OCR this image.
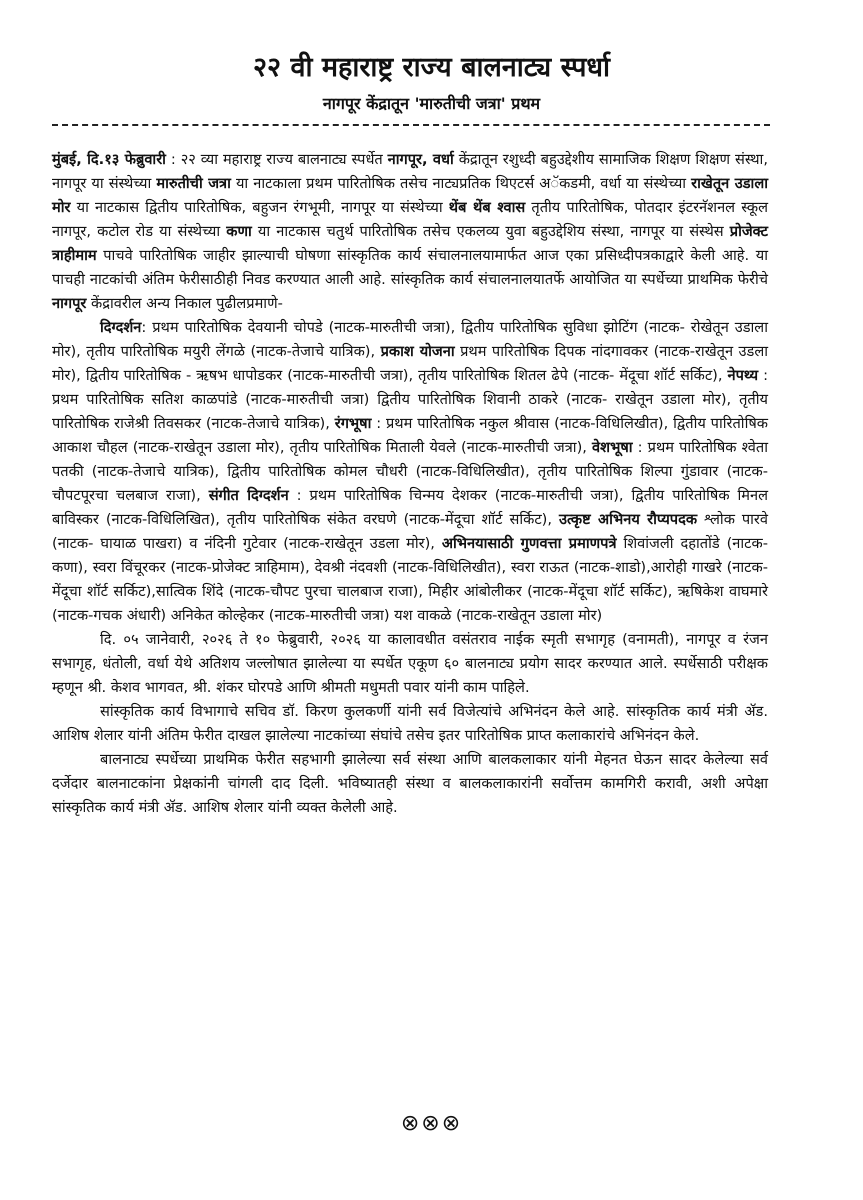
२२ वी महाराष्ट्र राज्य बालनाट्य स्पर्धा
नागपूर केंद्रातून 'मारुतीची जत्रा' प्रथम

मुंबई, दि.१३ फेब्रुवारी : २२ व्या महाराष्ट्र राज्य बालनाट्य स्पर्धेत नागपूर, वर्धा केंद्रातून रशुध्दी बहुउद्देशीय सामाजिक शिक्षण शिक्षण संस्था, नागपूर या संस्थेच्या मारुतीची जत्रा या नाटकाला प्रथम पारितोषिक तसेच नाट्यप्रतिक थिएटर्स अॅकडमी, वर्धा या संस्थेच्या राखेतून उडाला मोर या नाटकास द्वितीय पारितोषिक, बहुजन रंगभूमी, नागपूर या संस्थेच्या थेंब थेंब श्वास तृतीय पारितोषिक, पोतदार इंटरनॅशनल स्कूल नागपूर, कटोल रोड या संस्थेच्या कणा या नाटकास चतुर्थ पारितोषिक तसेच एकलव्य युवा बहुउद्देशिय संस्था, नागपूर या संस्थेस प्रोजेक्ट त्राहीमाम पाचवे पारितोषिक जाहीर झाल्याची घोषणा सांस्कृतिक कार्य संचालनालयामार्फत आज एका प्रसिध्दीपत्रकाद्वारे केली आहे. या पाचही नाटकांची अंतिम फेरीसाठीही निवड करण्यात आली आहे. सांस्कृतिक कार्य संचालनालयातर्फे आयोजित या स्पर्धेच्या प्राथमिक फेरीचे नागपूर केंद्रावरील अन्य निकाल पुढीलप्रमाणे-

दिग्दर्शन: प्रथम पारितोषिक देवयानी चोपडे (नाटक-मारुतीची जत्रा), द्वितीय पारितोषिक सुविधा झोटिंग (नाटक- रोखेतून उडाला मोर), तृतीय पारितोषिक मयुरी लेंगळे (नाटक-तेजाचे यात्रिक), प्रकाश योजना प्रथम पारितोषिक दिपक नांदगावकर (नाटक-राखेतून उडला मोर), द्वितीय पारितोषिक - ऋषभ धापोडकर (नाटक-मारुतीची जत्रा), तृतीय पारितोषिक शितल ढेपे (नाटक- मेंदूचा शॉर्ट सर्किट), नेपथ्य : प्रथम पारितोषिक सतिश काळपांडे (नाटक-मारुतीची जत्रा) द्वितीय पारितोषिक शिवानी ठाकरे (नाटक- राखेतून उडाला मोर), तृतीय पारितोषिक राजेश्री तिवसकर (नाटक-तेजाचे यात्रिक), रंगभूषा : प्रथम पारितोषिक नकुल श्रीवास (नाटक-विधिलिखीत), द्वितीय पारितोषिक आकाश चौहल (नाटक-राखेतून उडाला मोर), तृतीय पारितोषिक मिताली येवले (नाटक-मारुतीची जत्रा), वेशभूषा : प्रथम पारितोषिक श्वेता पतकी (नाटक-तेजाचे यात्रिक), द्वितीय पारितोषिक कोमल चौधरी (नाटक-विधिलिखीत), तृतीय पारितोषिक शिल्पा गुंडावार (नाटक-चौपटपूरचा चलबाज राजा), संगीत दिग्दर्शन : प्रथम पारितोषिक चिन्मय देशकर (नाटक-मारुतीची जत्रा), द्वितीय पारितोषिक मिनल बाविस्कर (नाटक-विधिलिखित), तृतीय पारितोषिक संकेत वरघणे (नाटक-मेंदूचा शॉर्ट सर्किट), उत्कृष्ट अभिनय रौप्यपदक श्लोक पारवे (नाटक- घायाळ पाखरा) व नंदिनी गुटेवार (नाटक-राखेतून उडला मोर), अभिनयासाठी गुणवत्ता प्रमाणपत्रे शिवांजली दहातोंडे (नाटक-कणा), स्वरा विंचूरकर (नाटक-प्रोजेक्ट त्राहिमाम), देवश्री नंदवशी (नाटक-विधिलिखीत), स्वरा राऊत (नाटक-शाडो),आरोही गाखरे (नाटक-मेंदूचा शॉर्ट सर्किट),सात्विक शिंदे (नाटक-चौपट पुरचा चालबाज राजा), मिहीर आंबोलीकर (नाटक-मेंदूचा शॉर्ट सर्किट), ऋषिकेश वाघमारे (नाटक-गचक अंधारी) अनिकेत कोल्हेकर (नाटक-मारुतीची जत्रा) यश वाकळे (नाटक-राखेतून उडाला मोर)

दि. ०५ जानेवारी, २०२६ ते १० फेब्रुवारी, २०२६ या कालावधीत वसंतराव नाईक स्मृती सभागृह (वनामती), नागपूर व रंजन सभागृह, धंतोली, वर्धा येथे अतिशय जल्लोषात झालेल्या या स्पर्धेत एकूण ६० बालनाट्य प्रयोग सादर करण्यात आले. स्पर्धेसाठी परीक्षक म्हणून श्री. केशव भागवत, श्री. शंकर घोरपडे आणि श्रीमती मधुमती पवार यांनी काम पाहिले.

सांस्कृतिक कार्य विभागाचे सचिव डॉ. किरण कुलकर्णी यांनी सर्व विजेत्यांचे अभिनंदन केले आहे. सांस्कृतिक कार्य मंत्री ॲड. आशिष शेलार यांनी अंतिम फेरीत दाखल झालेल्या नाटकांच्या संघांचे तसेच इतर पारितोषिक प्राप्त कलाकारांचे अभिनंदन केले.

बालनाट्य स्पर्धेच्या प्राथमिक फेरीत सहभागी झालेल्या सर्व संस्था आणि बालकलाकार यांनी मेहनत घेऊन सादर केलेल्या सर्व दर्जेदार बालनाटकांना प्रेक्षकांनी चांगली दाद दिली. भविष्यातही संस्था व बालकलाकारांनी सर्वोत्तम कामगिरी करावी, अशी अपेक्षा सांस्कृतिक कार्य मंत्री ॲड. आशिष शेलार यांनी व्यक्त केलेली आहे.

⊗⊗⊗
